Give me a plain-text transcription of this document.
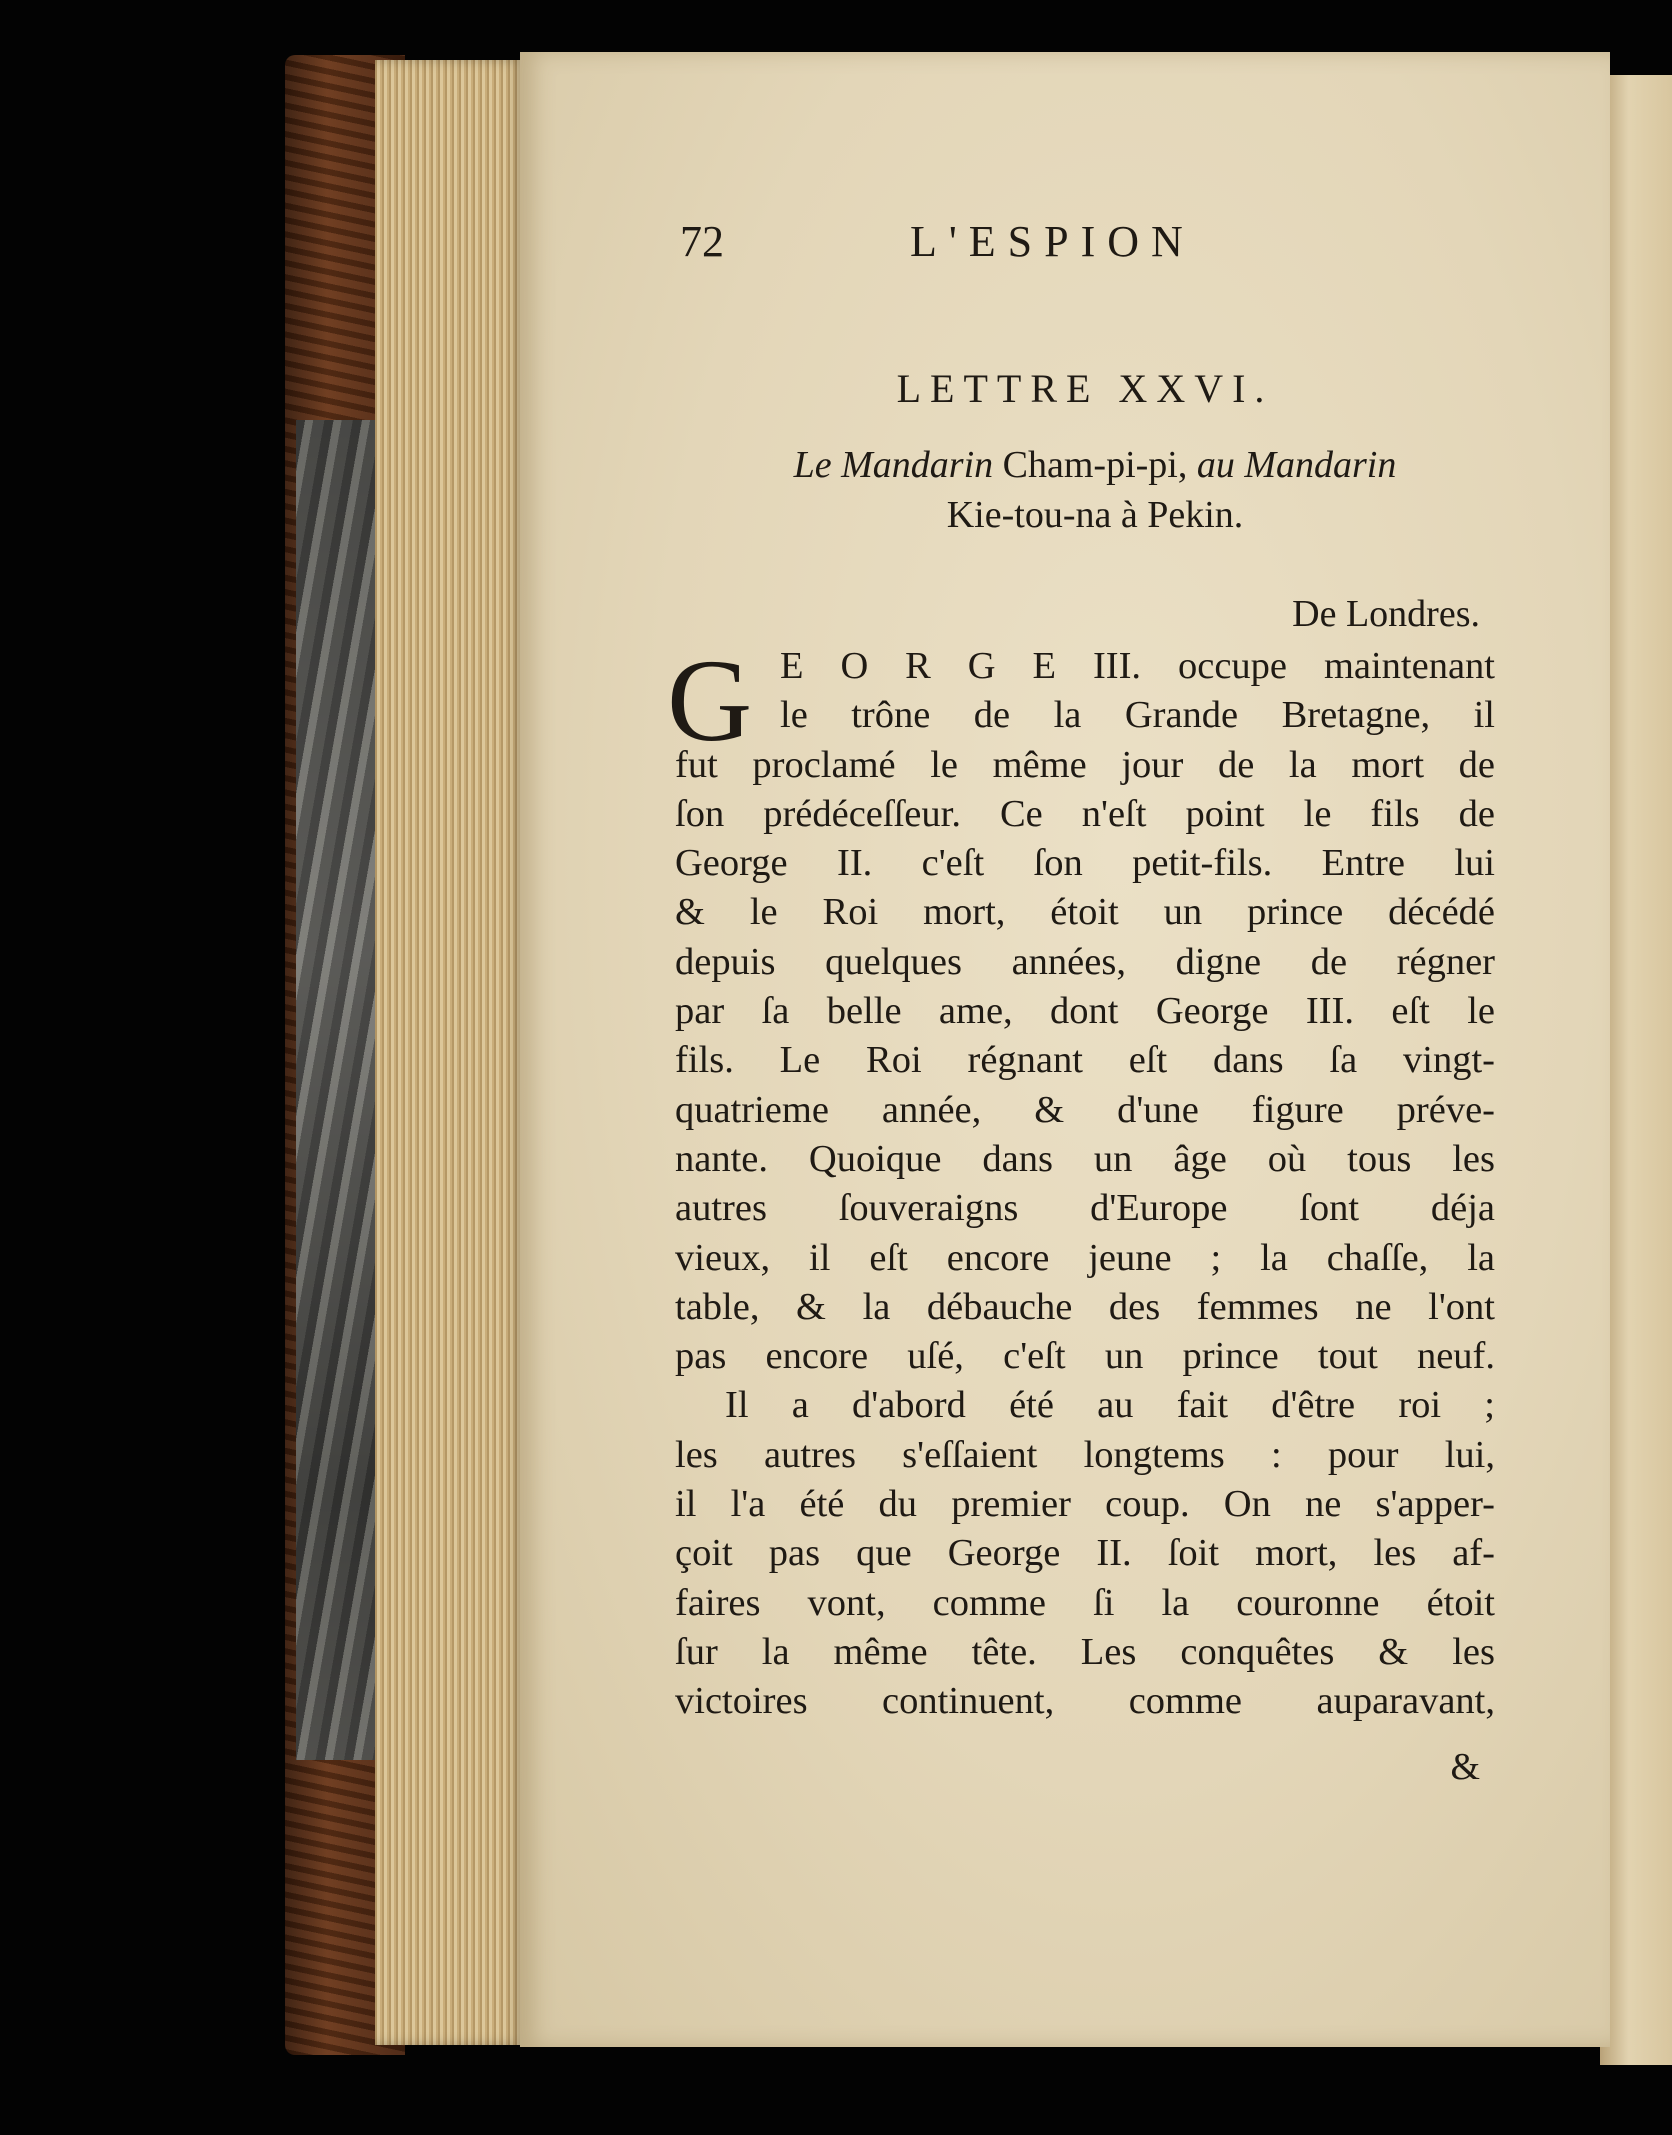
72	L'ESPION
LETTRE XXVI.
Le Mandarin Cham-pi-pi, au Mandarin
Kie-tou-na à Pekin.
De Londres.
G E O R G E III. occupe maintenant
le trône de la Grande Bretagne, il
fut proclamé le même jour de la mort de
ſon prédéceſſeur. Ce n'eſt point le fils de
George II. c'eſt ſon petit-fils. Entre lui
& le Roi mort, étoit un prince décédé
depuis quelques années, digne de régner
par ſa belle ame, dont George III. eſt le
fils. Le Roi régnant eſt dans ſa vingt-
quatrieme année, & d'une figure préve-
nante. Quoique dans un âge où tous les
autres ſouveraigns d'Europe ſont déja
vieux, il eſt encore jeune ; la chaſſe, la
table, & la débauche des femmes ne l'ont
pas encore uſé, c'eſt un prince tout neuf.
Il a d'abord été au fait d'être roi ;
les autres s'eſſaient longtems : pour lui,
il l'a été du premier coup. On ne s'apper-
çoit pas que George II. ſoit mort, les af-
faires vont, comme ſi la couronne étoit
ſur la même tête. Les conquêtes & les
victoires continuent, comme auparavant,
&
